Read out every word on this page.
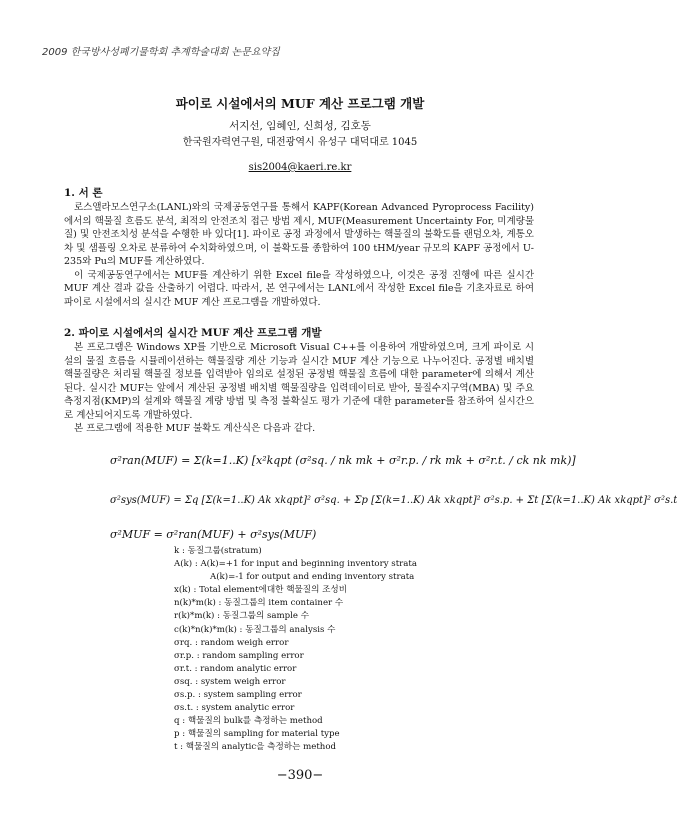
2009 한국방사성폐기물학회 추계학술대회 논문요약집
파이로 시설에서의 MUF 계산 프로그램 개발
서지선, 임혜인, 신희성, 김호동
한국원자력연구원, 대전광역시 유성구 대덕대로 1045
sis2004@kaeri.re.kr
1. 서 론

로스앨라모스연구소(LANL)와의 국제공동연구를 통해서 KAPF(Korean Advanced Pyroprocess Facility)에서의 핵물질 흐름도 분석, 최적의 안전조치 접근 방법 제시, MUF(Measurement Uncertainty For, 미계량물질) 및 안전조치성 분석을 수행한 바 있다[1]. 파이로 공정 과정에서 발생하는 핵물질의 불확도를 랜덤오차, 계통오차 및 샘플링 오차로 분류하여 수치화하였으며, 이 불확도를 종합하여 100 tHM/year 규모의 KAPF 공정에서 U-235와 Pu의 MUF를 계산하였다.

이 국제공동연구에서는 MUF를 계산하기 위한 Excel file을 작성하였으나, 이것은 공정 진행에 따른 실시간 MUF 계산 결과 값을 산출하기 어렵다. 따라서, 본 연구에서는 LANL에서 작성한 Excel file을 기초자료로 하여 파이로 시설에서의 실시간 MUF 계산 프로그램을 개발하였다.

2. 파이로 시설에서의 실시간 MUF 계산 프로그램 개발

본 프로그램은 Windows XP를 기반으로 Microsoft Visual C++를 이용하여 개발하였으며, 크게 파이로 시설의 물질 흐름을 시뮬레이션하는 핵물질량 계산 기능과 실시간 MUF 계산 기능으로 나누어진다. 공정별 배치별 핵물질량은 처리될 핵물질 정보를 입력받아 임의로 설정된 공정별 핵물질 흐름에 대한 parameter에 의해서 계산된다. 실시간 MUF는 앞에서 계산된 공정별 배치별 핵물질량을 입력데이터로 받아, 물질수지구역(MBA) 및 주요측정지점(KMP)의 설계와 핵물질 계량 방법 및 측정 불확실도 평가 기준에 대한 parameter를 참조하여 실시간으로 계산되어지도록 개발하였다.

본 프로그램에 적용한 MUF 불확도 계산식은 다음과 같다.

σ²ran(MUF) = Σ(k=1..K) [x²kqpt (σ²sq. / nk mk + σ²r.p. / rk mk + σ²r.t. / ck nk mk)]
σ²sys(MUF) = Σq [Σ(k=1..K) Ak xkqpt]² σ²sq. + Σp [Σ(k=1..K) Ak xkqpt]² σ²s.p. + Σt [Σ(k=1..K) Ak xkqpt]² σ²s.t
σ²MUF = σ²ran(MUF) + σ²sys(MUF)
k : 동질그룹(stratum)
A(k) : A(k)=+1 for input and beginning inventory strata
A(k)=-1 for output and ending inventory strata
x(k) : Total element에대한 핵물질의 조성비
n(k)*m(k) : 동질그룹의 item container 수
r(k)*m(k) : 동질그룹의 sample 수
c(k)*n(k)*m(k) : 동질그룹의 analysis 수
σrq. : random weigh error
σr.p. : random sampling error
σr.t. : random analytic error
σsq. : system weigh error
σs.p. : system sampling error
σs.t. : system analytic error
q : 핵물질의 bulk를 측정하는 method
p : 핵물질의 sampling for material type
t : 핵물질의 analytic을 측정하는 method
−390−
